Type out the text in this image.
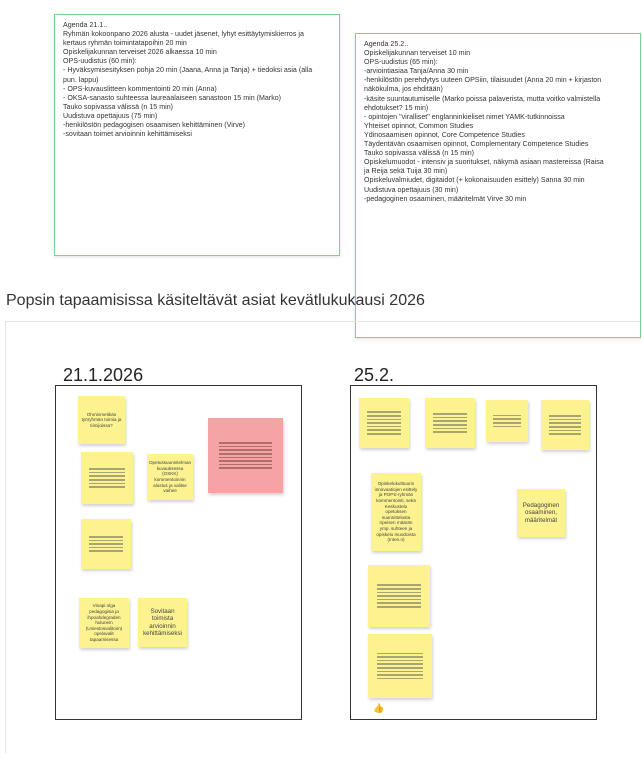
Agenda 21.1..
Ryhmän kokoonpano 2026 alusta - uudet jäsenet, lyhyt esittäytymiskierros ja
kertaus ryhmän toimintatapoihin 20 min
Opiskelijakunnan terveiset 2026 alkaessa 10 min
OPS-uudistus (60 min):
- Hyväksymisesityksen pohja 20 min (Jaana, Anna ja Tanja) + tiedoksi asia (alla
pun. lappu)
- OPS-kuvauslitteen kommentointi 20 min (Anna)
- OKSA-sanasto suhteessa laureaalaiseen sanastoon 15 min (Marko)
Tauko sopivassa välissä (n 15 min)
Uudistuva opettajuus (75 min)
-henkilöstön pedagogisen osaamisen kehittäminen (Virve)
-sovitaan toimet arvioinnin kehittämiseksi
Agenda 25.2..
Opiskelijakunnan terveiset 10 min
OPS-uudistus (65 min):
-arviointiasiaa Tanja/Anna 30 min
-henkilöstön perehdytys uuteen OPSiin, tilaisuudet (Anna 20 min + kirjaston
näkökulma, jos ehditään)
-käsite suuntautumiselle (Marko poissa palaverista, mutta voitko valmistella
ehdotukset? 15 min)
- opintojen "viralliset" englanninkieliset nimet YAMK-tutkinnoissa
Yhteiset opinnot, Common Studies
Ydinosaamisen opinnot, Core Competence Studies
Täydentävän osaamisen opinnot, Complementary Competence Studies
Tauko sopivassa välissä (n 15 min)
Opiskelumuodot - intensiv ja suoritukset, näkymä asiaan mastereissa (Raisa
ja Reija sekä Tuija 30 min)
Opiskeluvalmiudet, digitaidot (+ kokonaisuuden esittely) Sanna 30 min
Uudistuva opettajuus (30 min)
-pedagoginen osaaminen, määritelmät Virve 30 min
Popsin tapaamisissa käsiteltävät asiat kevätlukukausi 2026
21.1.2026	25.2.
Ohminmetikäo työryhmän toimia ja tiimijoissa?
Opetussuunnitelman kuvauksessa (OSKK) kommentoinnin alustus ja valitse vaihee
Vinapi olga pedagogisia ja ihpoahdegraden hulunein (Uniestosvalitoim) opelavalit tapaamisessa
Sovitaan toimista arvioinnin kehittämiseksi
Opiskelukulttuurin innovaatiojen esittely ja POPS-ryhmän kommentointi, sekä Keskustelu opetuksen suunnittelusta ripeisen määrän ymp. suhteen ja opiskelu muodoista (Inten.n)
Pedagoginen osaaminen, määritelmät
👍
